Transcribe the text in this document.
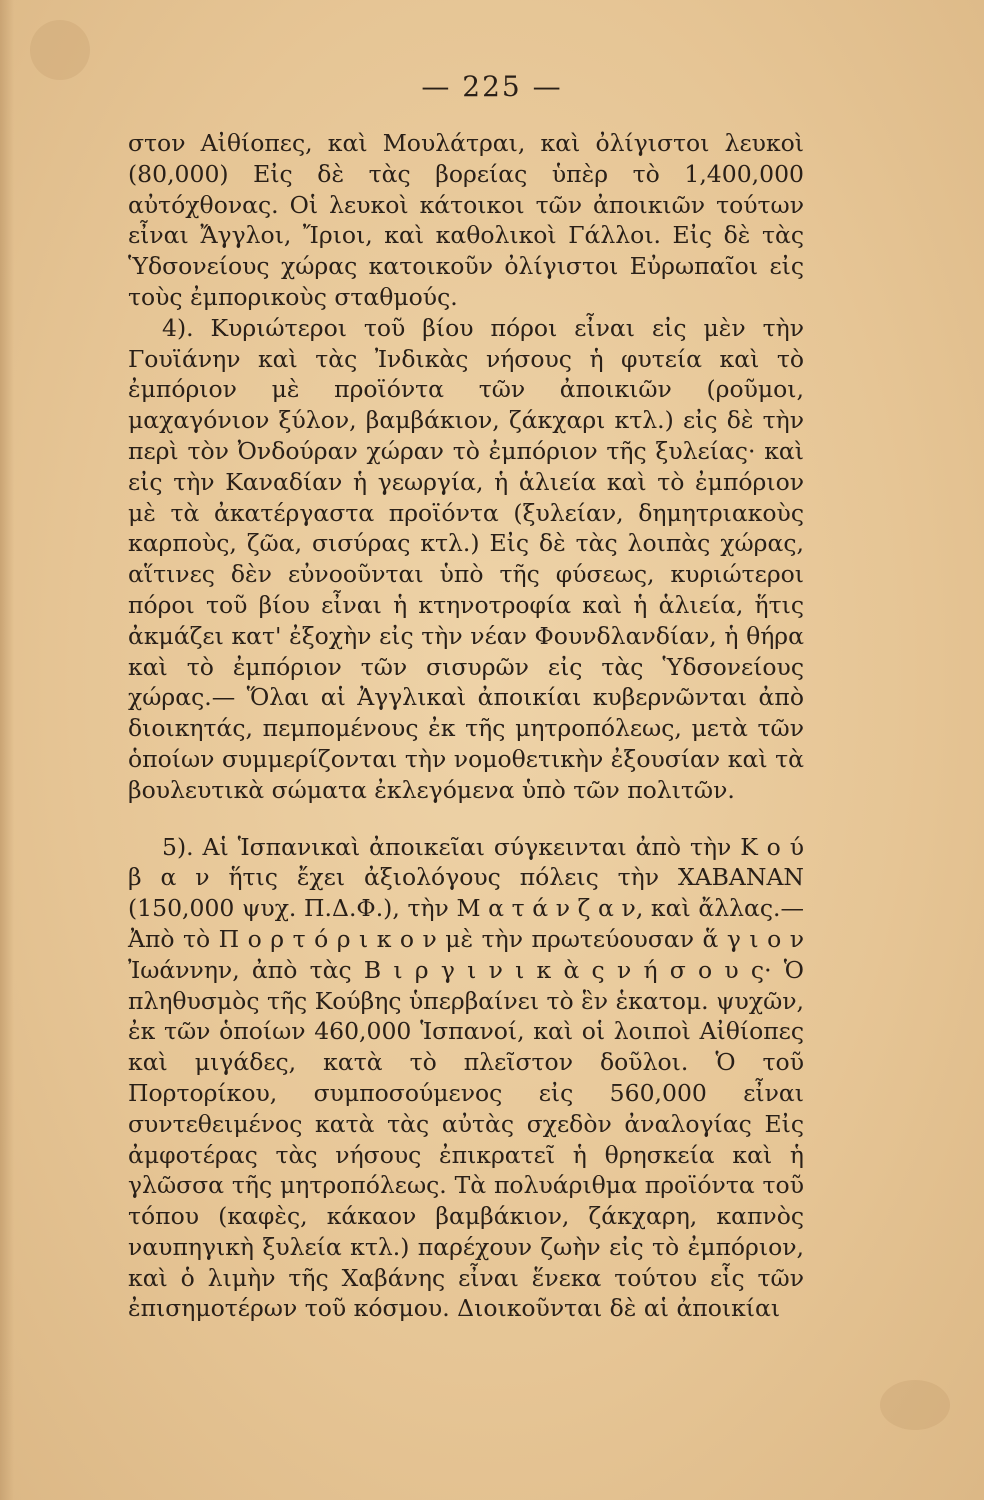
— 225 —

στον Αἰθίοπες, καὶ Μουλάτραι, καὶ ὀλίγιστοι λευκοὶ (80,000) Εἰς δὲ τὰς βορείας ὑπὲρ τὸ 1,400,000 αὐτόχθονας. Οἱ λευκοὶ κάτοικοι τῶν ἀποικιῶν τούτων εἶναι Ἄγγλοι, Ἴριοι, καὶ καθολικοὶ Γάλλοι. Εἰς δὲ τὰς Ὑδσονείους χώρας κατοικοῦν ὀλίγιστοι Εὐρωπαῖοι εἰς τοὺς ἐμπορικοὺς σταθμούς.

4). Κυριώτεροι τοῦ βίου πόροι εἶναι εἰς μὲν τὴν Γουϊάνην καὶ τὰς Ἰνδικὰς νήσους ἡ φυτεία καὶ τὸ ἐμπόριον μὲ προϊόντα τῶν ἀποικιῶν (ροῦμοι, μαχαγόνιον ξύλον, βαμβάκιον, ζάκχαρι κτλ.) εἰς δὲ τὴν περὶ τὸν Ὀνδούραν χώραν τὸ ἐμπόριον τῆς ξυλείας· καὶ εἰς τὴν Καναδίαν ἡ γεωργία, ἡ ἁλιεία καὶ τὸ ἐμπόριον μὲ τὰ ἀκατέργαστα προϊόντα (ξυλείαν, δημητριακοὺς καρποὺς, ζῶα, σισύρας κτλ.) Εἰς δὲ τὰς λοιπὰς χώρας, αἵτινες δὲν εὐνοοῦνται ὑπὸ τῆς φύσεως, κυριώτεροι πόροι τοῦ βίου εἶναι ἡ κτηνοτροφία καὶ ἡ ἁλιεία, ἥτις ἀκμάζει κατ' ἐξοχὴν εἰς τὴν νέαν Φουνδλανδίαν, ἡ θήρα καὶ τὸ ἐμπόριον τῶν σισυρῶν εἰς τὰς Ὑδσονείους χώρας.— Ὅλαι αἱ Ἀγγλικαὶ ἀποικίαι κυβερνῶνται ἀπὸ διοικητάς, πεμπομένους ἐκ τῆς μητροπόλεως, μετὰ τῶν ὁποίων συμμερίζονται τὴν νομοθετικὴν ἐξουσίαν καὶ τὰ βουλευτικὰ σώματα ἐκλεγόμενα ὑπὸ τῶν πολιτῶν.

5). Αἱ Ἱσπανικαὶ ἀποικεῖαι σύγκεινται ἀπὸ τὴν Κ ο ύ β α ν ἥτις ἔχει ἀξιολόγους πόλεις τὴν ΧΑΒΑΝΑΝ (150,000 ψυχ. Π.Δ.Φ.), τὴν Μ α τ ά ν ζ α ν, καὶ ἄλλας.—Ἀπὸ τὸ Π ο ρ τ ό ρ ι κ ο ν μὲ τὴν πρωτεύουσαν ἅ γ ι ο ν Ἰωάννην, ἀπὸ τὰς Β ι ρ γ ι ν ι κ ὰ ς ν ή σ ο υ ς· Ὁ πληθυσμὸς τῆς Κούβης ὑπερβαίνει τὸ ἓν ἑκατομ. ψυχῶν, ἐκ τῶν ὁποίων 460,000 Ἱσπανοί, καὶ οἱ λοιποὶ Αἰθίοπες καὶ μιγάδες, κατὰ τὸ πλεῖστον δοῦλοι. Ὁ τοῦ Πορτορίκου, συμποσούμενος εἰς 560,000 εἶναι συντεθειμένος κατὰ τὰς αὐτὰς σχεδὸν ἀναλογίας Εἰς ἀμφοτέρας τὰς νήσους ἐπικρατεῖ ἡ θρησκεία καὶ ἡ γλῶσσα τῆς μητροπόλεως. Τὰ πολυάριθμα προϊόντα τοῦ τόπου (καφὲς, κάκαον βαμβάκιον, ζάκχαρη, καπνὸς ναυπηγικὴ ξυλεία κτλ.) παρέχουν ζωὴν εἰς τὸ ἐμπόριον, καὶ ὁ λιμὴν τῆς Χαβάνης εἶναι ἕνεκα τούτου εἷς τῶν ἐπισημοτέρων τοῦ κόσμου. Διοικοῦνται δὲ αἱ ἀποικίαι
